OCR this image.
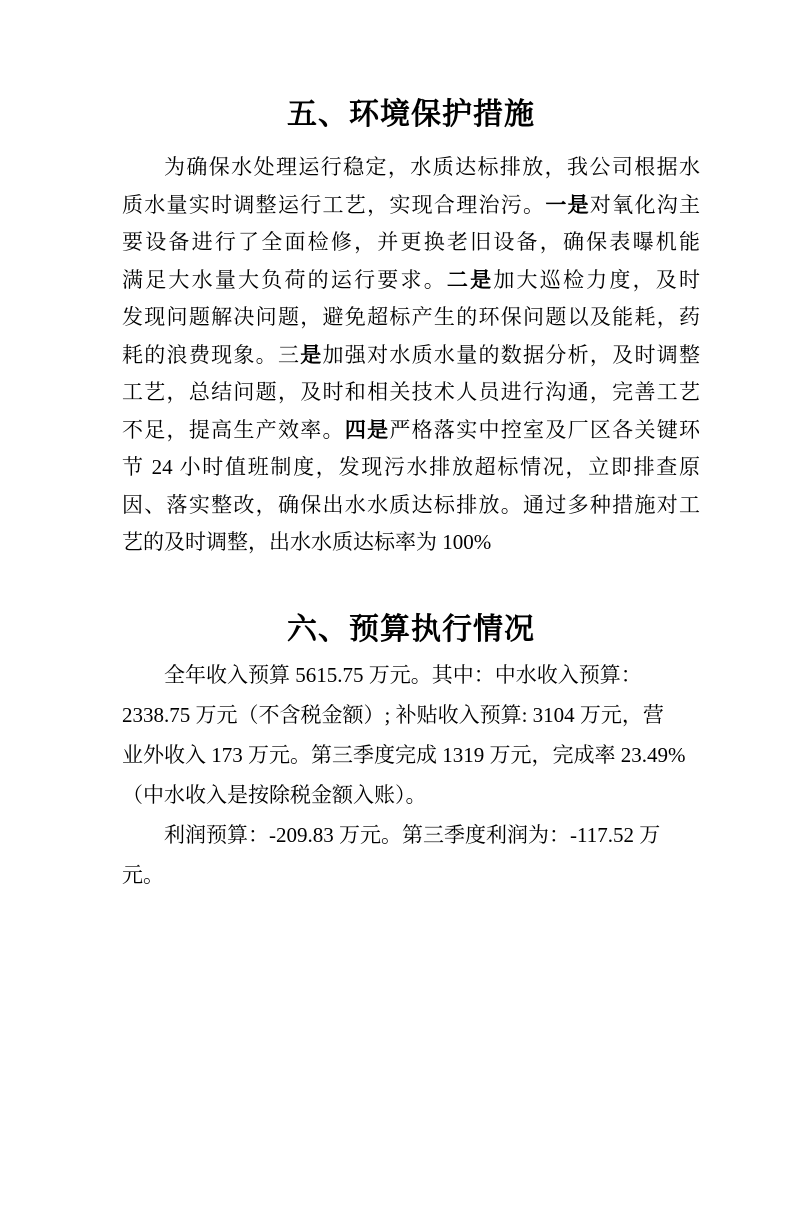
五、环境保护措施
为确保水处理运行稳定，水质达标排放，我公司根据水
质水量实时调整运行工艺，实现合理治污。一是对氧化沟主
要设备进行了全面检修，并更换老旧设备，确保表曝机能
满足大水量大负荷的运行要求。二是加大巡检力度，及时
发现问题解决问题，避免超标产生的环保问题以及能耗，药
耗的浪费现象。三是加强对水质水量的数据分析，及时调整
工艺，总结问题，及时和相关技术人员进行沟通，完善工艺
不足，提高生产效率。四是严格落实中控室及厂区各关键环
节 24 小时值班制度，发现污水排放超标情况，立即排查原
因、落实整改，确保出水水质达标排放。通过多种措施对工
艺的及时调整，出水水质达标率为 100%
六、预算执行情况
全年收入预算 5615.75 万元。其中：中水收入预算：
2338.75 万元（不含税金额）; 补贴收入预算: 3104 万元，营
业外收入 173 万元。第三季度完成 1319 万元，完成率 23.49%
（中水收入是按除税金额入账）。
利润预算：-209.83 万元。第三季度利润为：-117.52 万
元。
